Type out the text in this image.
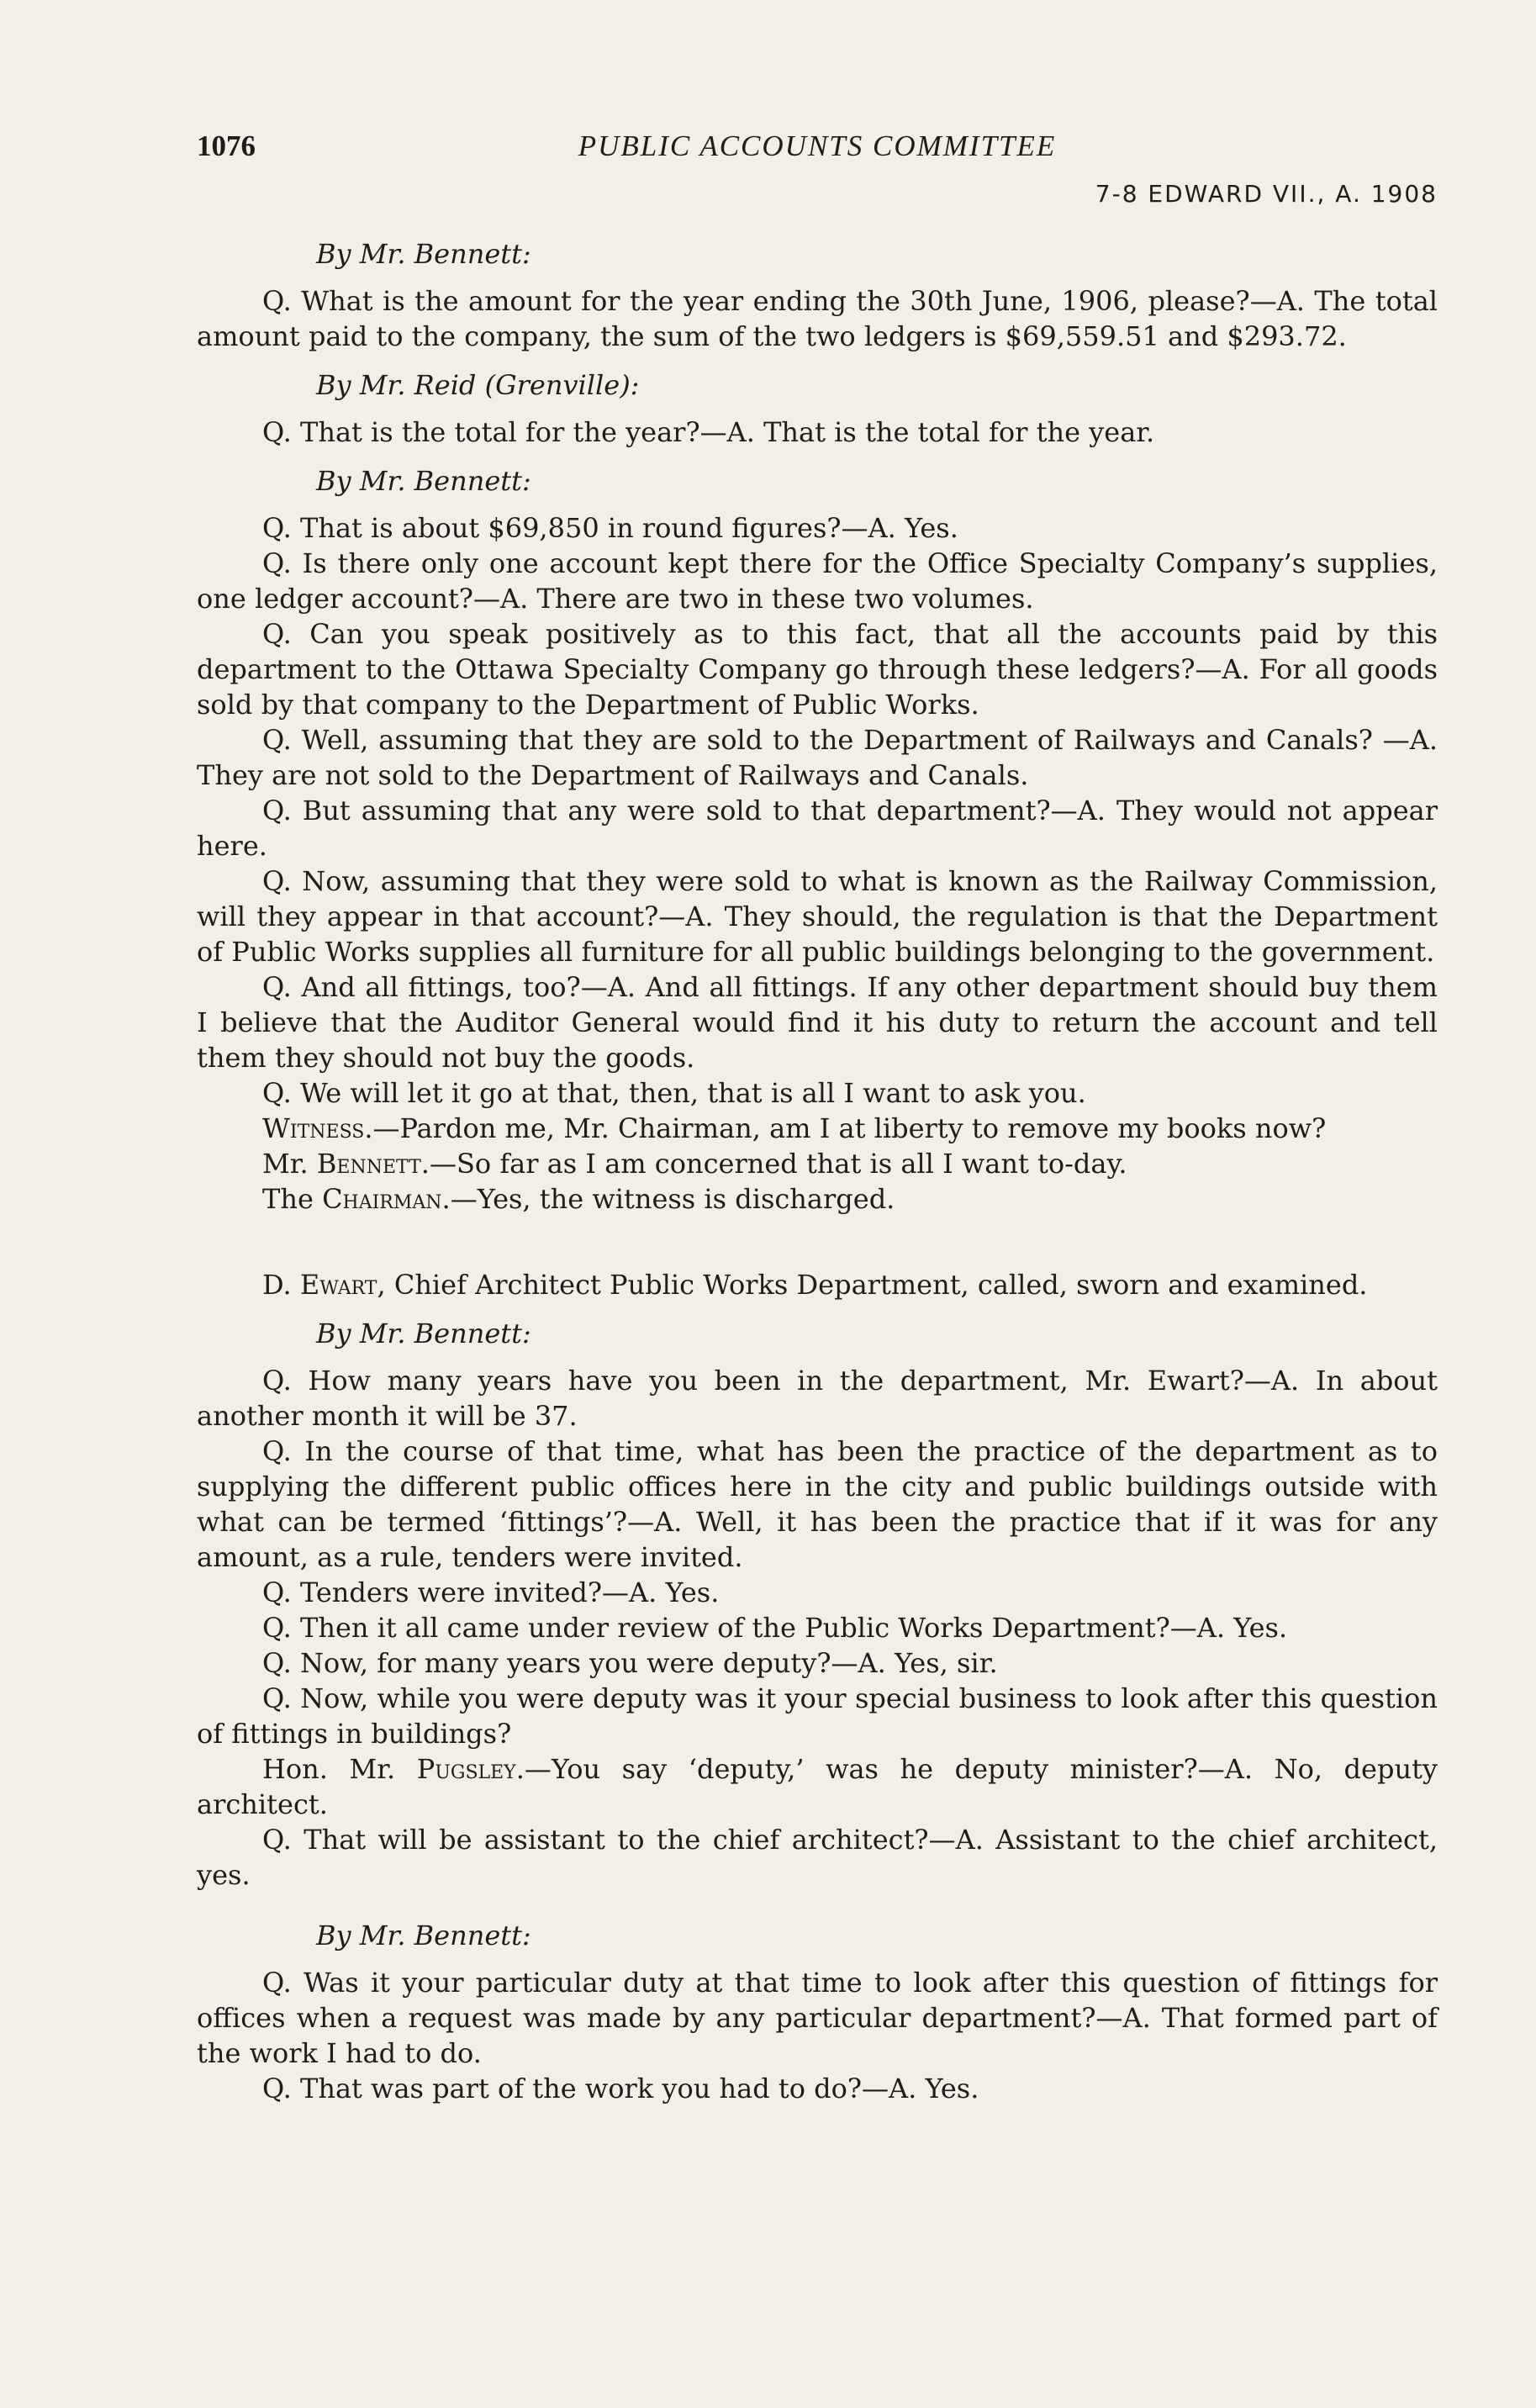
1076	PUBLIC ACCOUNTS COMMITTEE
7-8 EDWARD VII., A. 1908

By Mr. Bennett:

Q. What is the amount for the year ending the 30th June, 1906, please?—A. The total amount paid to the company, the sum of the two ledgers is $69,559.51 and $293.72.

By Mr. Reid (Grenville):

Q. That is the total for the year?—A. That is the total for the year.

By Mr. Bennett:

Q. That is about $69,850 in round figures?—A. Yes.

Q. Is there only one account kept there for the Office Specialty Company’s supplies, one ledger account?—A. There are two in these two volumes.

Q. Can you speak positively as to this fact, that all the accounts paid by this department to the Ottawa Specialty Company go through these ledgers?—A. For all goods sold by that company to the Department of Public Works.

Q. Well, assuming that they are sold to the Department of Railways and Canals? —A. They are not sold to the Department of Railways and Canals.

Q. But assuming that any were sold to that department?—A. They would not appear here.

Q. Now, assuming that they were sold to what is known as the Railway Commission, will they appear in that account?—A. They should, the regulation is that the Department of Public Works supplies all furniture for all public buildings belonging to the government.

Q. And all fittings, too?—A. And all fittings. If any other department should buy them I believe that the Auditor General would find it his duty to return the account and tell them they should not buy the goods.

Q. We will let it go at that, then, that is all I want to ask you.

Witness.—Pardon me, Mr. Chairman, am I at liberty to remove my books now?

Mr. Bennett.—So far as I am concerned that is all I want to-day.

The Chairman.—Yes, the witness is discharged.

D. Ewart, Chief Architect Public Works Department, called, sworn and examined.

By Mr. Bennett:

Q. How many years have you been in the department, Mr. Ewart?—A. In about another month it will be 37.

Q. In the course of that time, what has been the practice of the department as to supplying the different public offices here in the city and public buildings outside with what can be termed ‘fittings’?—A. Well, it has been the practice that if it was for any amount, as a rule, tenders were invited.

Q. Tenders were invited?—A. Yes.

Q. Then it all came under review of the Public Works Department?—A. Yes.

Q. Now, for many years you were deputy?—A. Yes, sir.

Q. Now, while you were deputy was it your special business to look after this question of fittings in buildings?

Hon. Mr. Pugsley.—You say ‘deputy,’ was he deputy minister?—A. No, deputy architect.

Q. That will be assistant to the chief architect?—A. Assistant to the chief architect, yes.

By Mr. Bennett:

Q. Was it your particular duty at that time to look after this question of fittings for offices when a request was made by any particular department?—A. That formed part of the work I had to do.

Q. That was part of the work you had to do?—A. Yes.
